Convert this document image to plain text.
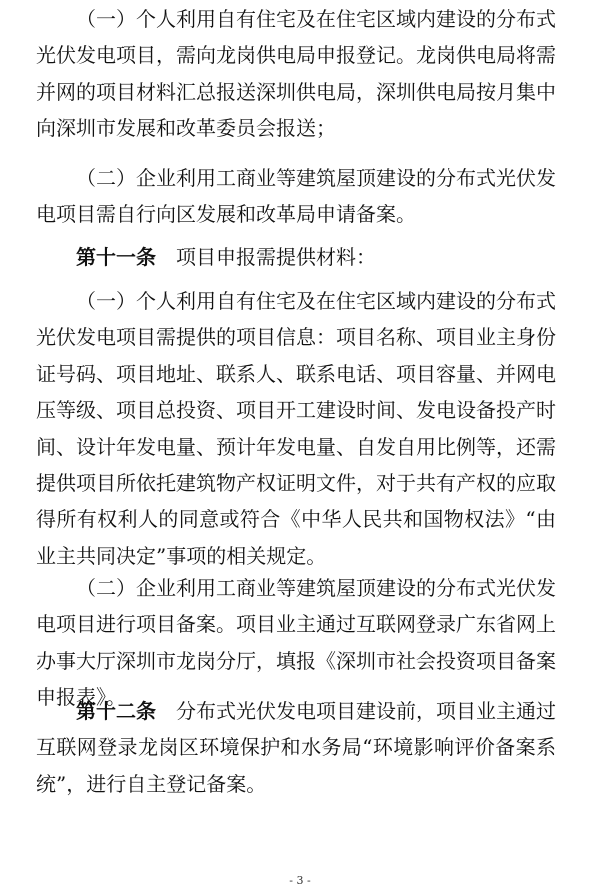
（一）个人利用自有住宅及在住宅区域内建设的分布式光伏发电项目，需向龙岗供电局申报登记。龙岗供电局将需并网的项目材料汇总报送深圳供电局，深圳供电局按月集中向深圳市发展和改革委员会报送；

（二）企业利用工商业等建筑屋顶建设的分布式光伏发电项目需自行向区发展和改革局申请备案。

第十一条　 项目申报需提供材料：

（一）个人利用自有住宅及在住宅区域内建设的分布式光伏发电项目需提供的项目信息：项目名称、项目业主身份证号码、项目地址、联系人、联系电话、项目容量、并网电压等级、项目总投资、项目开工建设时间、发电设备投产时间、设计年发电量、预计年发电量、自发自用比例等，还需提供项目所依托建筑物产权证明文件，对于共有产权的应取得所有权利人的同意或符合《中华人民共和国物权法》“由业主共同决定”事项的相关规定。

（二）企业利用工商业等建筑屋顶建设的分布式光伏发电项目进行项目备案。项目业主通过互联网登录广东省网上办事大厅深圳市龙岗分厅，填报《深圳市社会投资项目备案申报表》。

第十二条　 分布式光伏发电项目建设前，项目业主通过互联网登录龙岗区环境保护和水务局“环境影响评价备案系统”，进行自主登记备案。

- 3 -
